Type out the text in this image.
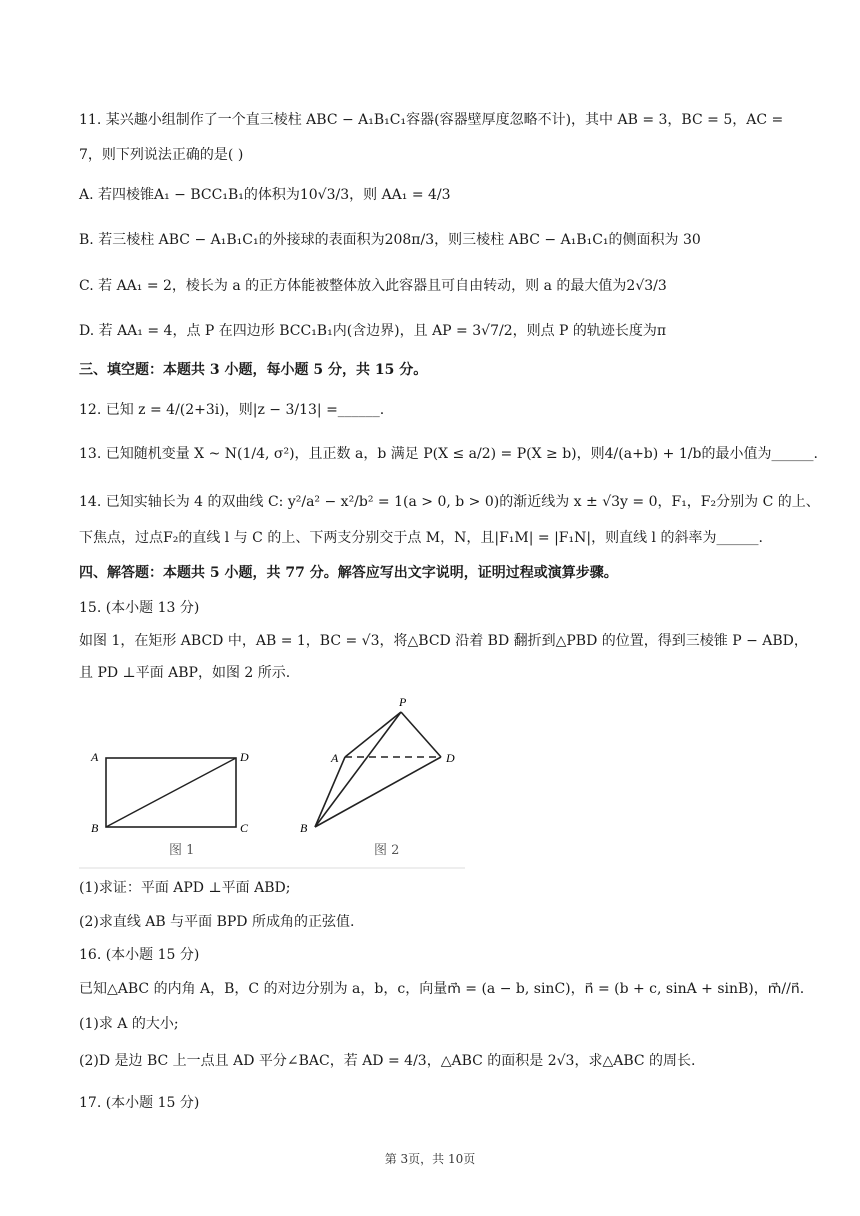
11. 某兴趣小组制作了一个直三棱柱 ABC − A₁B₁C₁容器(容器壁厚度忽略不计)，其中 AB = 3，BC = 5，AC =
7，则下列说法正确的是( )
A. 若四棱锥A₁ − BCC₁B₁的体积为10√3/3，则 AA₁ = 4/3
B. 若三棱柱 ABC − A₁B₁C₁的外接球的表面积为208π/3，则三棱柱 ABC − A₁B₁C₁的侧面积为 30
C. 若 AA₁ = 2，棱长为 a 的正方体能被整体放入此容器且可自由转动，则 a 的最大值为2√3/3
D. 若 AA₁ = 4，点 P 在四边形 BCC₁B₁内(含边界)，且 AP = 3√7/2，则点 P 的轨迹长度为π
三、填空题：本题共 3 小题，每小题 5 分，共 15 分。
12. 已知 z = 4/(2+3i)，则|z − 3/13| =______.
13. 已知随机变量 X ~ N(1/4, σ²)，且正数 a，b 满足 P(X ≤ a/2) = P(X ≥ b)，则4/(a+b) + 1/b的最小值为______.
14. 已知实轴长为 4 的双曲线 C: y²/a² − x²/b² = 1(a > 0, b > 0)的渐近线为 x ± √3y = 0，F₁，F₂分别为 C 的上、
下焦点，过点F₂的直线 l 与 C 的上、下两支分别交于点 M，N，且|F₁M| = |F₁N|，则直线 l 的斜率为______.
四、解答题：本题共 5 小题，共 77 分。解答应写出文字说明，证明过程或演算步骤。
15. (本小题 13 分)
如图 1，在矩形 ABCD 中，AB = 1，BC = √3，将△BCD 沿着 BD 翻折到△PBD 的位置，得到三棱锥 P − ABD，
且 PD ⊥平面 ABP，如图 2 所示.
A	D
B	C
图 1
P
A	D
B
图 2
(1)求证：平面 APD ⊥平面 ABD;
(2)求直线 AB 与平面 BPD 所成角的正弦值.
16. (本小题 15 分)
已知△ABC 的内角 A，B，C 的对边分别为 a，b，c，向量m⃗ = (a − b, sinC)，n⃗ = (b + c, sinA + sinB)，m⃗//n⃗.
(1)求 A 的大小;
(2)D 是边 BC 上一点且 AD 平分∠BAC，若 AD = 4/3，△ABC 的面积是 2√3，求△ABC 的周长.
17. (本小题 15 分)
第 3页，共 10页
